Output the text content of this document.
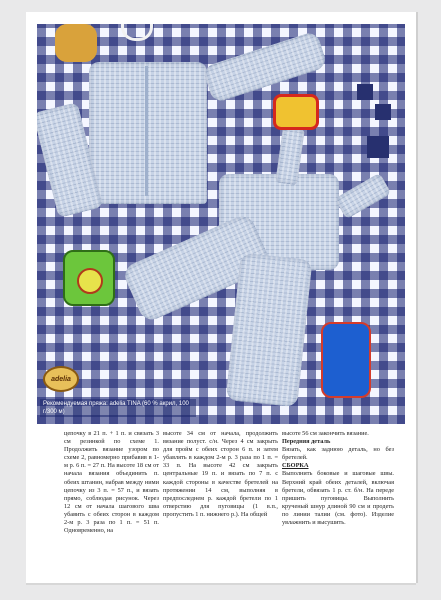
adelia
Рекомендуемая пряжа: adelia TINA (60 % акрил, 100 г/300 м)
цепочку в 21 п. + 1 п. и связать 3 см резинкой по схеме 1. Продолжить вязание узором по схеме 2, равномерно прибавив в 1-м р. 6 п. = 27 п. На высоте 18 см от начала вязания объединить п. обеих штанин, набрав между ними цепочку из 3 п. = 57 п., и вязать прямо, соблюдая рисунок. Через 12 см от начала шагового шва убавить с обеих сторон в каждом 2-м р. 3 раза по 1 п. = 51 п. Одновременно, на
высоте 34 см от начала, продолжить вязание полуст. с/н. Через 4 см закрыть для пройм с обеих сторон 6 п. и затем убавлять в каждом 2-м р. 3 раза по 1 п. = 33 п. На высоте 42 см закрыть центральные 19 п. и вязать по 7 п. с каждой стороны в качестве бретелей на протяжении 14 см, выполняя в предпоследнем р. каждой бретели по 1 отверстию для пуговицы (1 в.п., пропустить 1 п. нижнего р.). На общей
высоте 56 см закончить вязание.
Передняя деталь
Вязать, как заднюю деталь, но без бретелей.
СБОРКА
Выполнить боковые и шаговые швы. Верхний край обеих деталей, включая бретели, обвязать 1 р. ст. б/н. На переде пришить пуговицы. Выполнить крученый шнур длиной 90 см и продеть по линии талии (см. фото). Изделие увлажнить и высушить.
